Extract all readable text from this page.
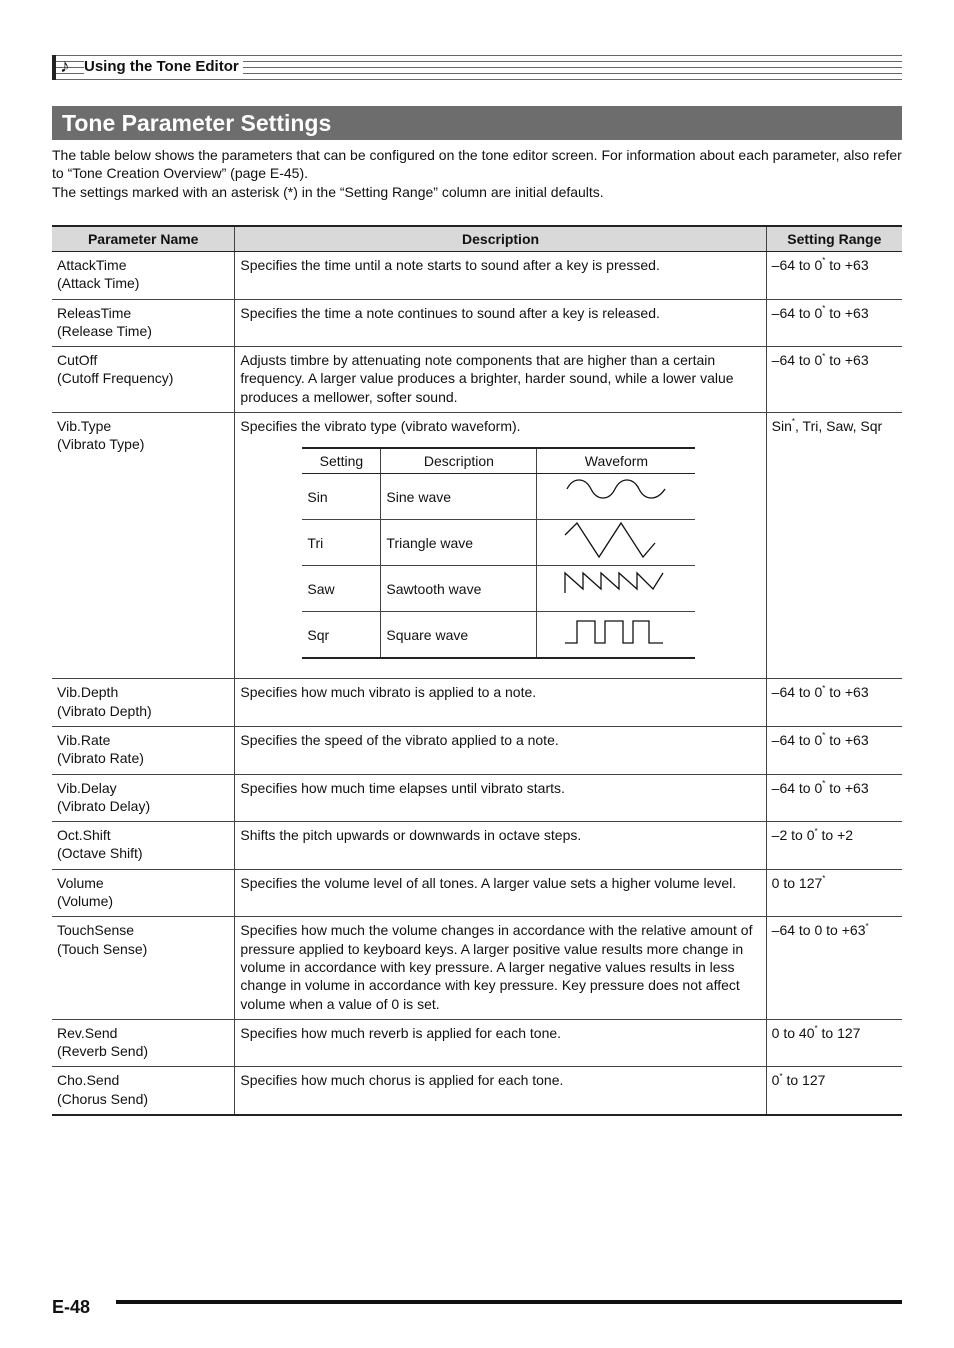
♪ Using the Tone Editor
Tone Parameter Settings

The table below shows the parameters that can be configured on the tone editor screen. For information about each parameter, also refer to “Tone Creation Overview” (page E-45).

The settings marked with an asterisk (*) in the “Setting Range” column are initial defaults.

Parameter Name	Description	Setting Range

AttackTime
(Attack Time)

Specifies the time until a note starts to sound after a key is pressed.	–64 to 0* to +63

ReleasTime
(Release Time)

Specifies the time a note continues to sound after a key is released.	–64 to 0* to +63

CutOff
(Cutoff Frequency)

Adjusts timbre by attenuating note components that are higher than a certain frequency. A larger value produces a brighter, harder sound, while a lower value produces a mellower, softer sound.
	–64 to 0* to +63

Vib.Type
(Vibrato Type)

Specifies the vibrato type (vibrato waveform).
Setting	Description	Waveform
Sin	Sine wave	
Tri	Triangle wave	
Saw	Sawtooth wave	
Sqr	Square wave	
	Sin*, Tri, Saw, Sqr

Vib.Depth
(Vibrato Depth)

Specifies how much vibrato is applied to a note.	–64 to 0* to +63

Vib.Rate
(Vibrato Rate)

Specifies the speed of the vibrato applied to a note.	–64 to 0* to +63

Vib.Delay
(Vibrato Delay)

Specifies how much time elapses until vibrato starts.	–64 to 0* to +63

Oct.Shift
(Octave Shift)

Shifts the pitch upwards or downwards in octave steps.	–2 to 0* to +2

Volume
(Volume)

Specifies the volume level of all tones. A larger value sets a higher volume level.	0 to 127*

TouchSense
(Touch Sense)

Specifies how much the volume changes in accordance with the relative amount of pressure applied to keyboard keys. A larger positive value results more change in volume in accordance with key pressure. A larger negative values results in less change in volume in accordance with key pressure. Key pressure does not affect volume when a value of 0 is set.
	–64 to 0 to +63*

Rev.Send
(Reverb Send)

Specifies how much reverb is applied for each tone.	0 to 40* to 127

Cho.Send
(Chorus Send)

Specifies how much chorus is applied for each tone.	0* to 127
E-48
